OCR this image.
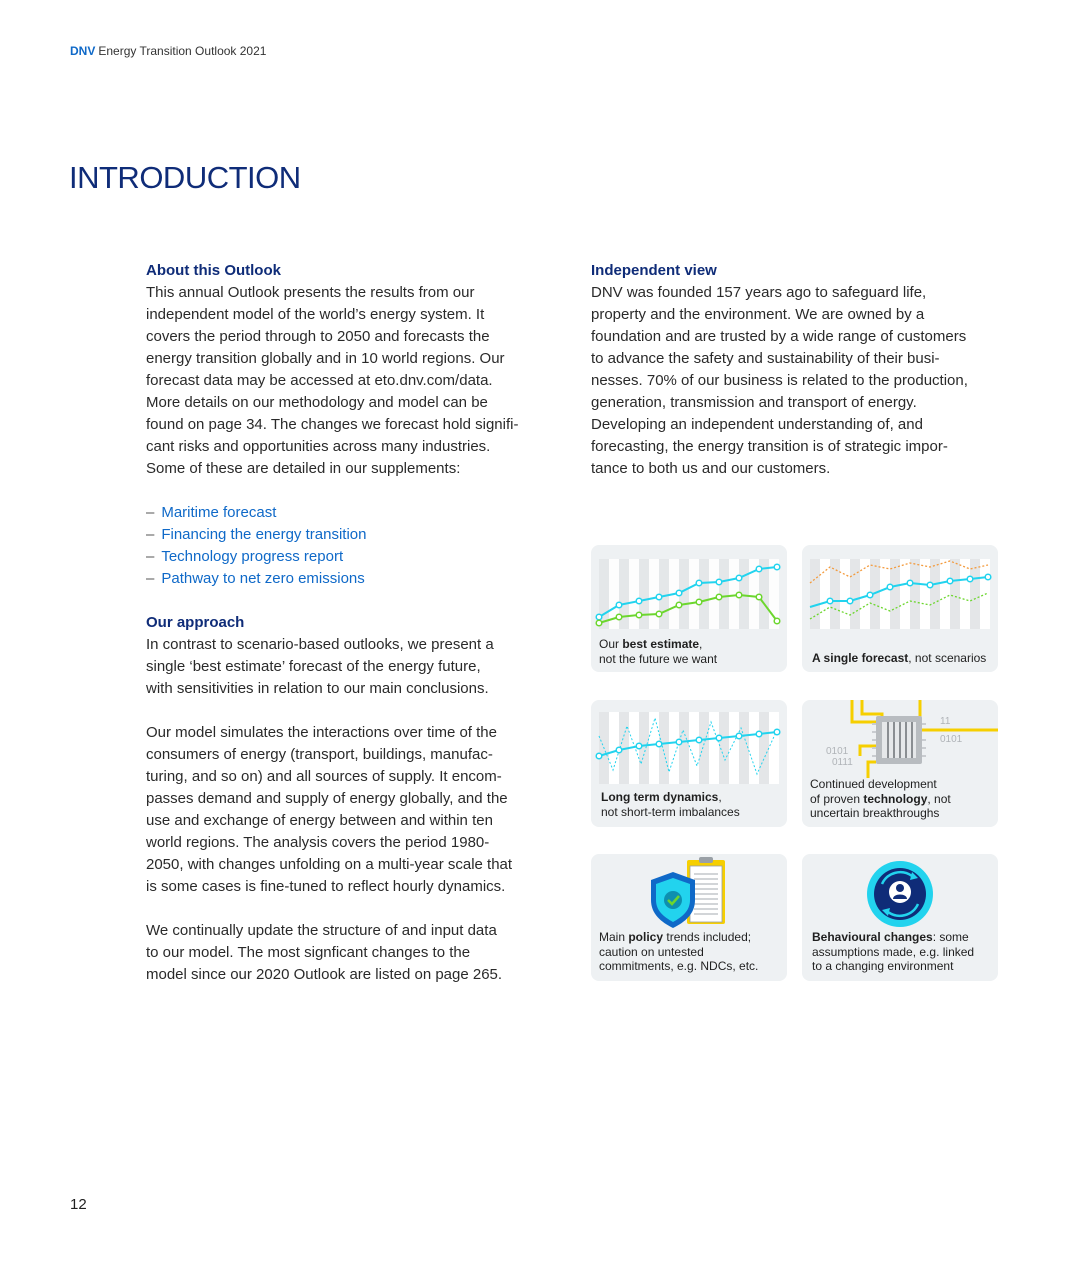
DNV Energy Transition Outlook 2021
INTRODUCTION

About this Outlook

This annual Outlook presents the results from our
independent model of the world’s energy system. It
covers the period through to 2050 and forecasts the
energy transition globally and in 10 world regions. Our
forecast data may be accessed at eto.dnv.com/data.
More details on our methodology and model can be
found on page 34. The changes we forecast hold signifi-
cant risks and opportunities across many industries.
Some of these are detailed in our supplements:
– Maritime forecast
– Financing the energy transition
– Technology progress report
– Pathway to net zero emissions

Our approach

In contrast to scenario-based outlooks, we present a
single ‘best estimate’ forecast of the energy future,
with sensitivities in relation to our main conclusions.
Our model simulates the interactions over time of the
consumers of energy (transport, buildings, manufac-
turing, and so on) and all sources of supply. It encom-
passes demand and supply of energy globally, and the
use and exchange of energy between and within ten
world regions. The analysis covers the period 1980-
2050, with changes unfolding on a multi-year scale that
is some cases is fine-tuned to reflect hourly dynamics.
We continually update the structure of and input data
to our model. The most signficant changes to the
model since our 2020 Outlook are listed on page 265.

Independent view

DNV was founded 157 years ago to safeguard life,
property and the environment. We are owned by a
foundation and are trusted by a wide range of customers
to advance the safety and sustainability of their busi-
nesses. 70% of our business is related to the production,
generation, transmission and transport of energy.
Developing an independent understanding of, and
forecasting, the energy transition is of strategic impor-
tance to both us and our customers.
Our best estimate,
not the future we want	A single forecast, not scenarios
Long term dynamics,
not short-term imbalances
11
0101
0101
0111
Continued development
of proven technology, not
uncertain breakthroughs
Main policy trends included;
caution on untested
commitments, e.g. NDCs, etc.
Behavioural changes: some
assumptions made, e.g. linked
to a changing environment
12
